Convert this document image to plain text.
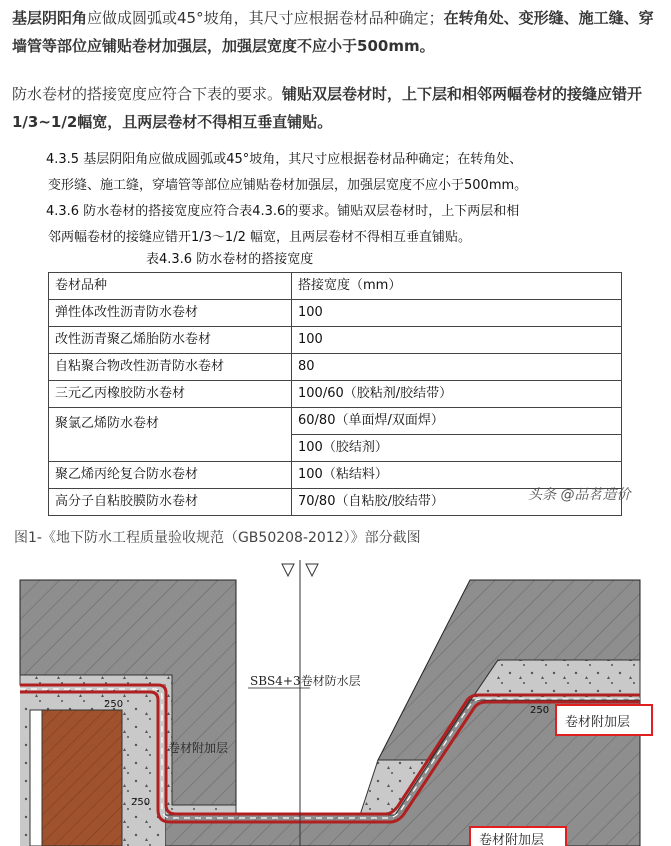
基层阴阳角应做成圆弧或45°坡角，其尺寸应根据卷材品种确定；在转角处、变形缝、施工缝、穿墙管等部位应铺贴卷材加强层，加强层宽度不应小于500mm。
防水卷材的搭接宽度应符合下表的要求。铺贴双层卷材时，上下层和相邻两幅卷材的接缝应错开1/3~1/2幅宽，且两层卷材不得相互垂直铺贴。
4.3.5 基层阴阳角应做成圆弧或45°坡角，其尺寸应根据卷材品种确定；在转角处、
变形缝、施工缝，穿墙管等部位应铺贴卷材加强层，加强层宽度不应小于500mm。
4.3.6 防水卷材的搭接宽度应符合表4.3.6的要求。铺贴双层卷材时，上下两层和相
邻两幅卷材的接缝应错开1/3～1/2 幅宽，且两层卷材不得相互垂直铺贴。
表4.3.6 防水卷材的搭接宽度
卷材品种	搭接宽度（mm）
弹性体改性沥青防水卷材	100
改性沥青聚乙烯胎防水卷材	100
自粘聚合物改性沥青防水卷材	80
三元乙丙橡胶防水卷材	100/60（胶粘剂/胶结带）
聚氯乙烯防水卷材	60/80（单面焊/双面焊）
	100（胶结剂）
聚乙烯丙纶复合防水卷材	100（粘结料）
高分子自粘胶膜防水卷材	70/80（自粘胶/胶结带）	头条 @品茗造价
图1-《地下防水工程质量验收规范（GB50208-2012）》部分截图
SBS4+3卷材防水层
卷材附加层
250
250
250
卷材附加层
卷材附加层
